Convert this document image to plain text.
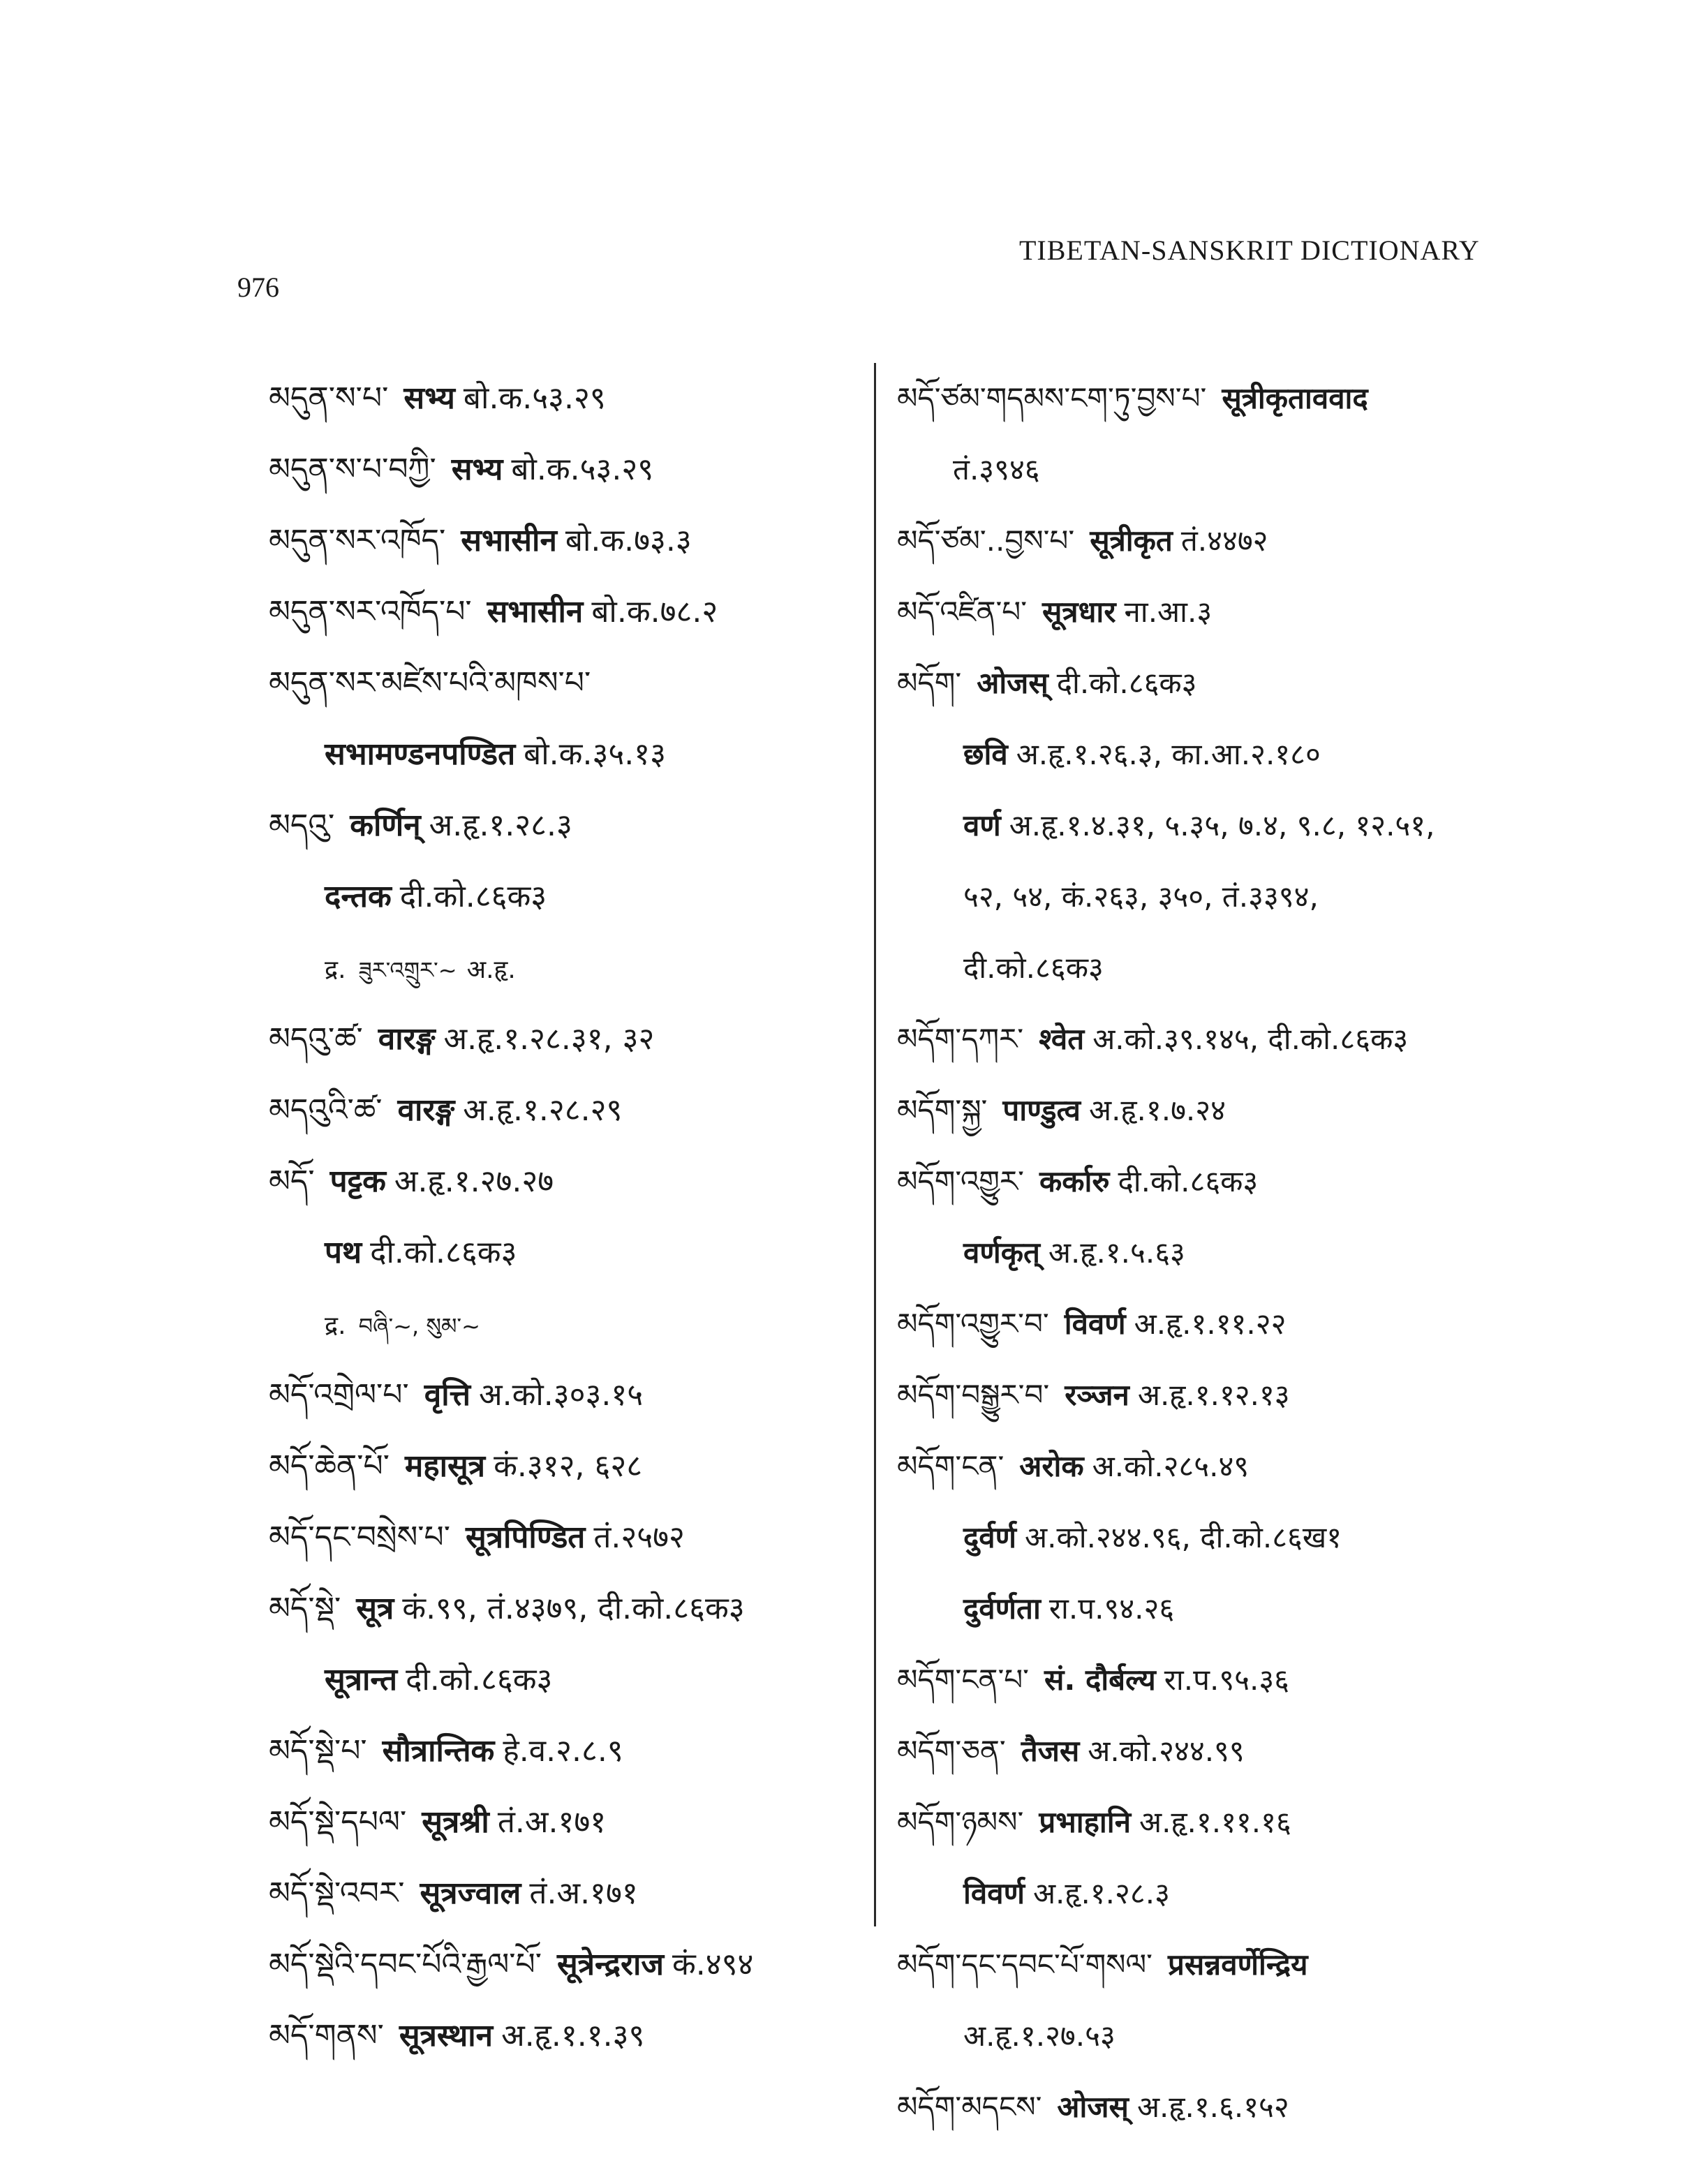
976
TIBETAN-SANSKRIT DICTIONARY
མདུན་ས་པ་ सभ्य बो.क.५३.२९
མདུན་ས་པ་བཀྱི་ सभ्य बो.क.५३.२९
མདུན་སར་འཁོད་ सभासीन बो.क.७३.३
མདུན་སར་འཁོད་པ་ सभासीन बो.क.७८.२
མདུན་སར་མཛེས་པའི་མཁས་པ་
सभामण्डनपण्डित बो.क.३५.१३
མདའུ་ कर्णिन् अ.हृ.१.२८.३
दन्तक दी.को.८६क३
द्र. ཟུར་འགྲུར་~ अ.हृ.
མདའུ་ཚ་ वारङ्ग अ.हृ.१.२८.३१, ३२
མདའུའི་ཚ་ वारङ्ग अ.हृ.१.२८.२९
མདོ་ पट्टक अ.हृ.१.२७.२७
पथ दी.को.८६क३
द्र. བཞི་~, སུམ་~
མདོ་འགྲེལ་པ་ वृत्ति अ.को.३०३.१५
མདོ་ཆེན་པོ་ महासूत्र कं.३१२, ६२८
མདོ་དང་བསྲེས་པ་ सूत्रपिण्डित तं.२५७२
མདོ་སྡེ་ सूत्र कं.९९, तं.४३७९, दी.को.८६क३
सूत्रान्त दी.को.८६क३
མདོ་སྡེ་པ་ सौत्रान्तिक हे.व.२.८.९
མདོ་སྡེ་དཔལ་ सूत्रश्री तं.अ.१७१
མདོ་སྡེ་འབར་ सूत्रज्वाल तं.अ.१७१
མདོ་སྡེའི་དབང་པོའི་རྒྱལ་པོ་ सूत्रेन्द्रराज कं.४९४
མདོ་གནས་ सूत्रस्थान अ.हृ.१.१.३९
མདོ་ཙམ་གདམས་ངག་ཏུ་བྱས་པ་ सूत्रीकृताववाद
तं.३९४६
མདོ་ཙམ་..བྱས་པ་ सूत्रीकृत तं.४४७२
མདོ་འཛིན་པ་ सूत्रधार ना.आ.३
མདོག་ ओजस् दी.को.८६क३
छवि अ.हृ.१.२६.३, का.आ.२.१८०
वर्ण अ.हृ.१.४.३१, ५.३५, ७.४, ९.८, १२.५१,
५२, ५४, कं.२६३, ३५०, तं.३३९४,
दी.को.८६क३
མདོག་དཀར་ श्वेत अ.को.३९.१४५, दी.को.८६क३
མདོག་སྐྱ་ पाण्डुत्व अ.हृ.१.७.२४
མདོག་འགྱུར་ कर्कारु दी.को.८६क३
वर्णकृत् अ.हृ.१.५.६३
མདོག་འགྱུར་བ་ विवर्ण अ.हृ.१.११.२२
མདོག་བསྒྱུར་བ་ रञ्जन अ.हृ.१.१२.१३
མདོག་ངན་ अरोक अ.को.२८५.४९
दुर्वर्ण अ.को.२४४.९६, दी.को.८६ख१
दुर्वर्णता रा.प.९४.२६
མདོག་ངན་པ་ सं. दौर्बल्य रा.प.९५.३६
མདོག་ཅན་ तैजस अ.को.२४४.९९
མདོག་ཉམས་ प्रभाहानि अ.हृ.१.११.१६
विवर्ण अ.हृ.१.२८.३
མདོག་དང་དབང་པོ་གསལ་ प्रसन्नवर्णेन्द्रिय
अ.हृ.१.२७.५३
མདོག་མདངས་ ओजस् अ.हृ.१.६.१५२
